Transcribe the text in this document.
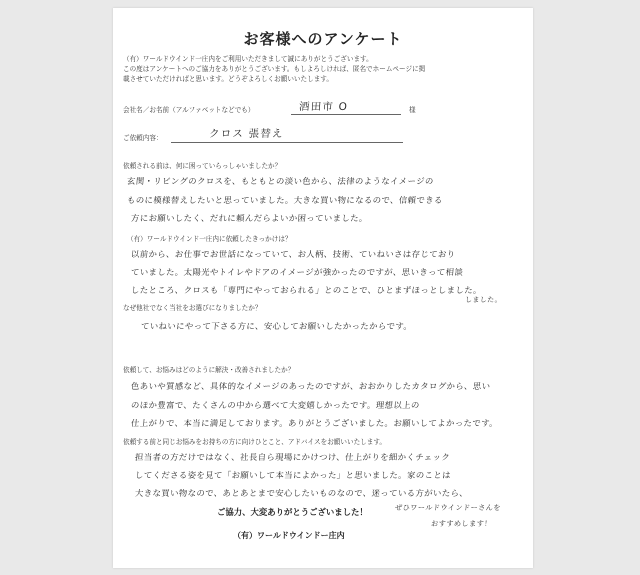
お客様へのアンケート
（有）ワールドウインド一庄内をご利用いただきまして誠にありがとうございます。
この度はアンケートへのご協力をありがとうございます。もしよろしければ、匿名でホームページに掲
載させていただければと思います。どうぞよろしくお願いいたします。
会社名／お名前（アルファベットなどでも）	酒田市 O	様
ご依頼内容：	クロス 張替え
依頼される前は、何に困っていらっしゃいましたか？
玄関・リビングのクロスを、もともとの淡い色から、法律のようなイメージの
ものに模様替えしたいと思っていました。大きな買い物になるので、信頼できる
方にお願いしたく、だれに頼んだらよいか困っていました。
（有）ワールドウインド一庄内に依頼したきっかけは？
以前から、お仕事でお世話になっていて、お人柄、技術、ていねいさは存じており
ていました。太陽光やトイレやドアのイメージが強かったのですが、思いきって相談
したところ、クロスも「専門にやっておられる」とのことで、ひとまずほっとしました。
しました。
なぜ他社でなく当社をお選びになりましたか？
ていねいにやって下さる方に、安心してお願いしたかったからです。
依頼して、お悩みはどのように解決・改善されましたか？
色あいや質感など、具体的なイメージのあったのですが、おおかりしたカタログから、思い
のほか豊富で、たくさんの中から選べて大変嬉しかったです。理想以上の
仕上がりで、本当に満足しております。ありがとうございました。お願いしてよかったです。
依頼する前と同じお悩みをお持ちの方に向けひとこと、アドバイスをお願いいたします。
担当者の方だけではなく、社長自ら現場にかけつけ、仕上がりを細かくチェック
してくださる姿を見て「お願いして本当によかった」と思いました。家のことは
大きな買い物なので、あとあとまで安心したいものなので、迷っている方がいたら、
ご協力、大変ありがとうございました！	ぜひワールドウインドーさんを
おすすめします！
（有）ワールドウインドー庄内
